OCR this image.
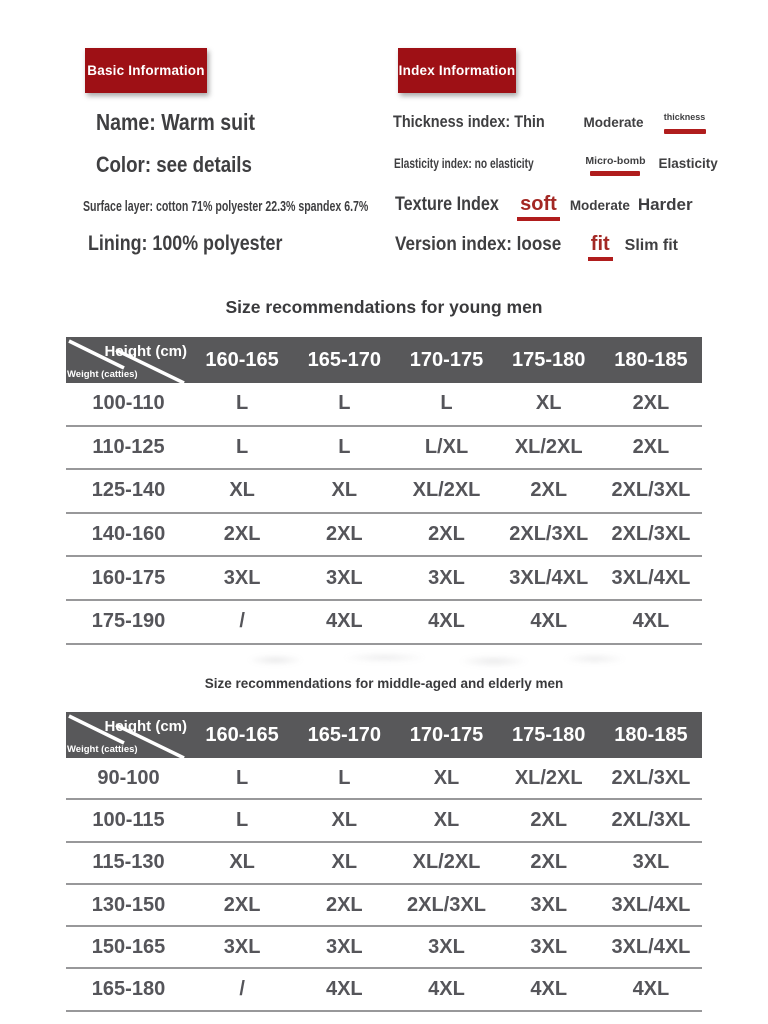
Basic Information	Index Information
Name: Warm suit
Color: see details
Surface layer: cotton 71% polyester 22.3% spandex 6.7%
Lining: 100% polyester
Thickness index: Thin	Moderate thickness
Elasticity index: no elasticity	Micro-bomb Elasticity
Texture Index soft Moderate Harder
Version index: loose fit Slim fit
Size recommendations for young men
Height (cm)
Weight (catties)
160-165	165-170	170-175	175-180	180-185
100-110	L	L	L	XL	2XL
110-125	L	L	L/XL	XL/2XL	2XL
125-140	XL	XL	XL/2XL	2XL	2XL/3XL
140-160	2XL	2XL	2XL	2XL/3XL	2XL/3XL
160-175	3XL	3XL	3XL	3XL/4XL	3XL/4XL
175-190	/	4XL	4XL	4XL	4XL
Size recommendations for middle-aged and elderly men
Height (cm)
Weight (catties)
160-165	165-170	170-175	175-180	180-185
90-100	L	L	XL	XL/2XL	2XL/3XL
100-115	L	XL	XL	2XL	2XL/3XL
115-130	XL	XL	XL/2XL	2XL	3XL
130-150	2XL	2XL	2XL/3XL	3XL	3XL/4XL
150-165	3XL	3XL	3XL	3XL	3XL/4XL
165-180	/	4XL	4XL	4XL	4XL
